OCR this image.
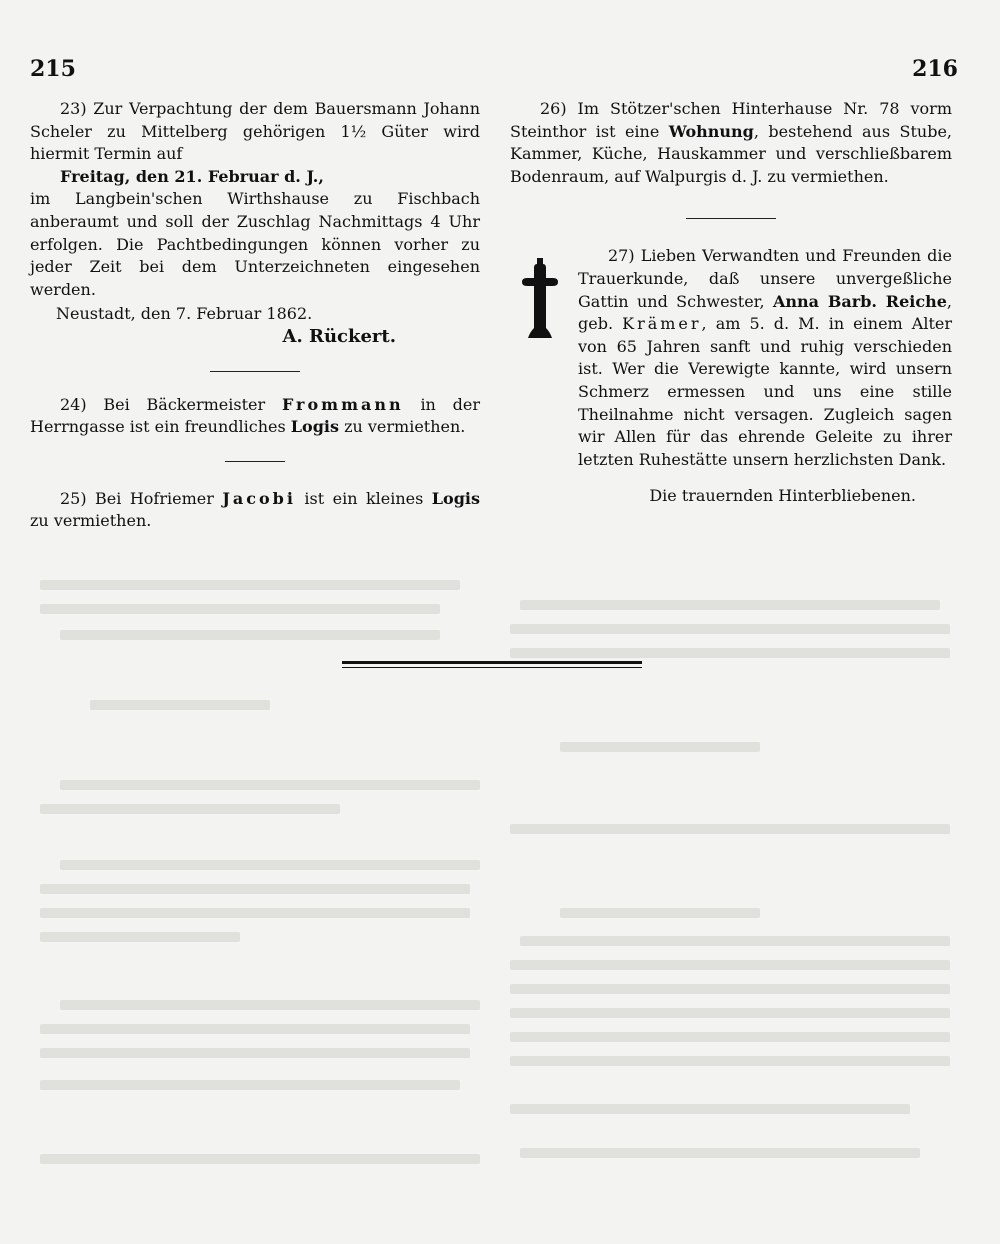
215	216

23) Zur Verpachtung der dem Bauersmann Johann Scheler zu Mittelberg gehörigen 1½ Güter wird hiermit Termin auf

Freitag, den 21. Februar d. J.,

im Langbein'schen Wirthshause zu Fischbach anberaumt und soll der Zuschlag Nachmittags 4 Uhr erfolgen. Die Pachtbedingungen können vorher zu jeder Zeit bei dem Unterzeichneten eingesehen werden.

Neustadt, den 7. Februar 1862.

A. Rückert.

24) Bei Bäckermeister Frommann in der Herrngasse ist ein freundliches Logis zu vermiethen.

25) Bei Hofriemer Jacobi ist ein kleines Logis zu vermiethen.

26) Im Stötzer'schen Hinterhause Nr. 78 vorm Steinthor ist eine Wohnung, bestehend aus Stube, Kammer, Küche, Hauskammer und verschließbarem Bodenraum, auf Walpurgis d. J. zu vermiethen.

27) Lieben Verwandten und Freunden die Trauerkunde, daß unsere unvergeßliche Gattin und Schwester, Anna Barb. Reiche, geb. Krämer, am 5. d. M. in einem Alter von 65 Jahren sanft und ruhig verschieden ist. Wer die Verewigte kannte, wird unsern Schmerz ermessen und uns eine stille Theilnahme nicht versagen. Zugleich sagen wir Allen für das ehrende Geleite zu ihrer letzten Ruhestätte unsern herzlichsten Dank.

Die trauernden Hinterbliebenen.
